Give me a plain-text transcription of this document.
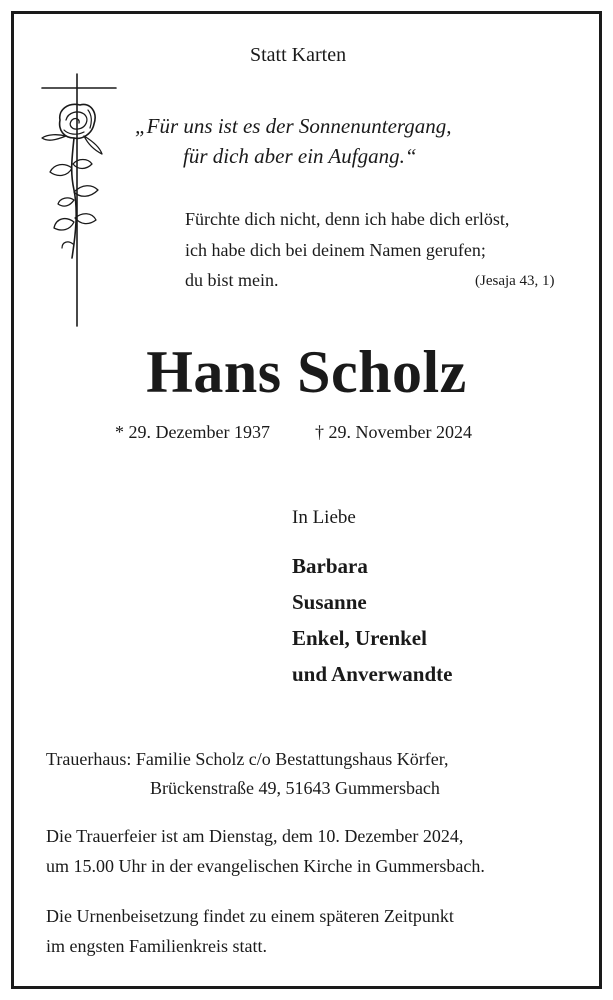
Statt Karten
„Für uns ist es der Sonnenuntergang,
für dich aber ein Aufgang.“
Fürchte dich nicht, denn ich habe dich erlöst,
ich habe dich bei deinem Namen gerufen;
du bist mein.	(Jesaja 43, 1)
Hans Scholz
* 29. Dezember 1937	† 29. November 2024
In Liebe
Barbara
Susanne
Enkel, Urenkel
und Anverwandte
Trauerhaus: Familie Scholz c/o Bestattungshaus Körfer,
Brückenstraße 49, 51643 Gummersbach
Die Trauerfeier ist am Dienstag, dem 10. Dezember 2024,
um 15.00 Uhr in der evangelischen Kirche in Gummersbach.
Die Urnenbeisetzung findet zu einem späteren Zeitpunkt
im engsten Familienkreis statt.
